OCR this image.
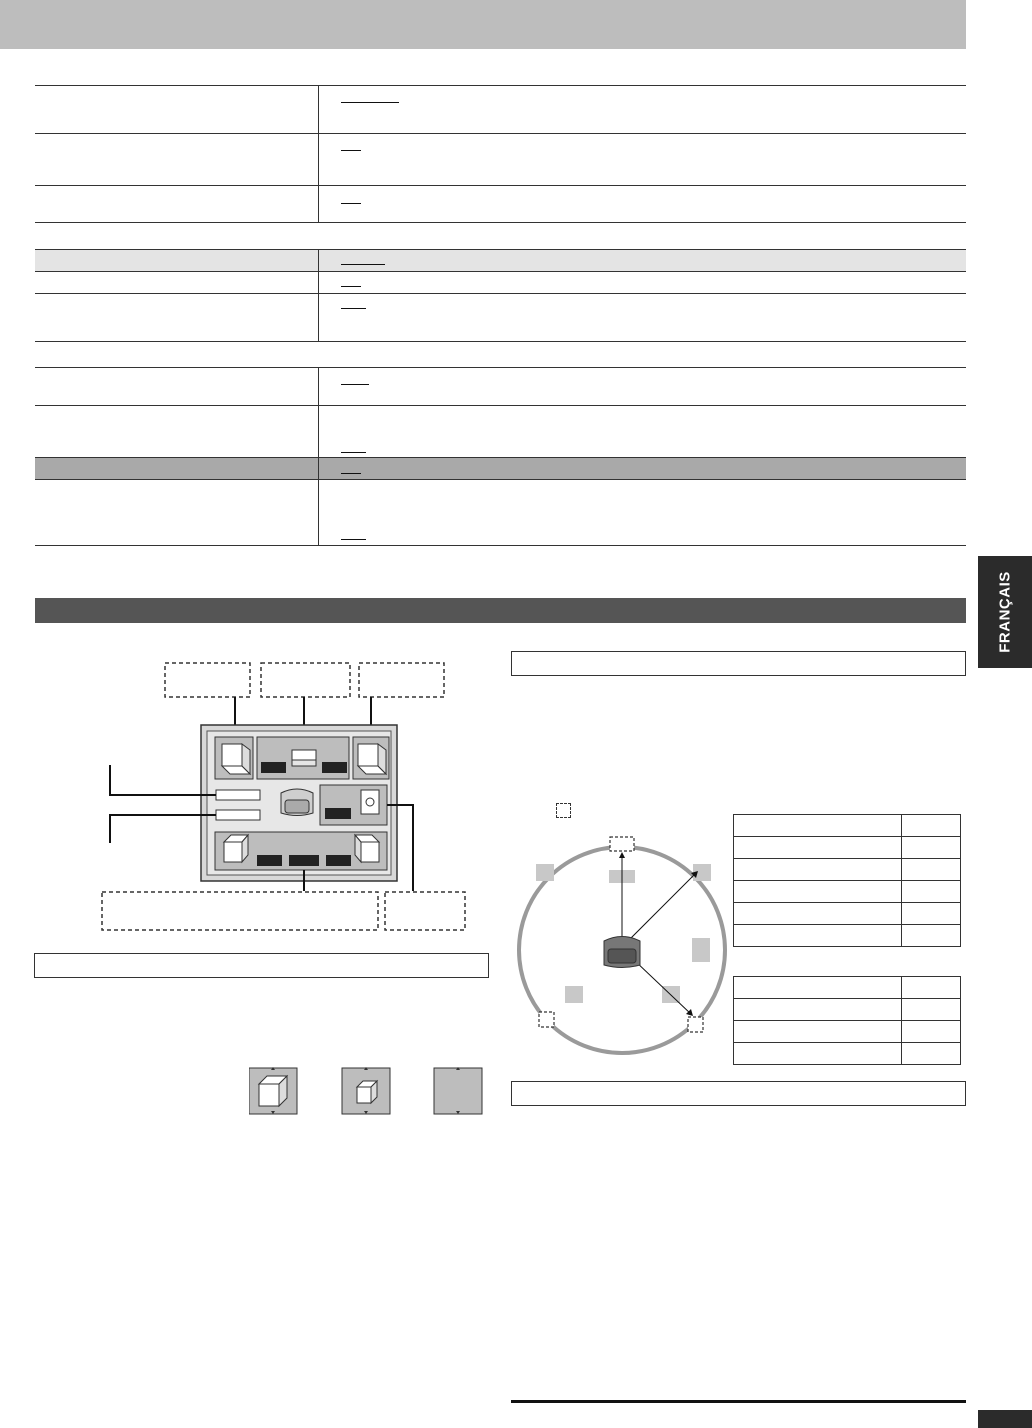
FRANÇAIS
